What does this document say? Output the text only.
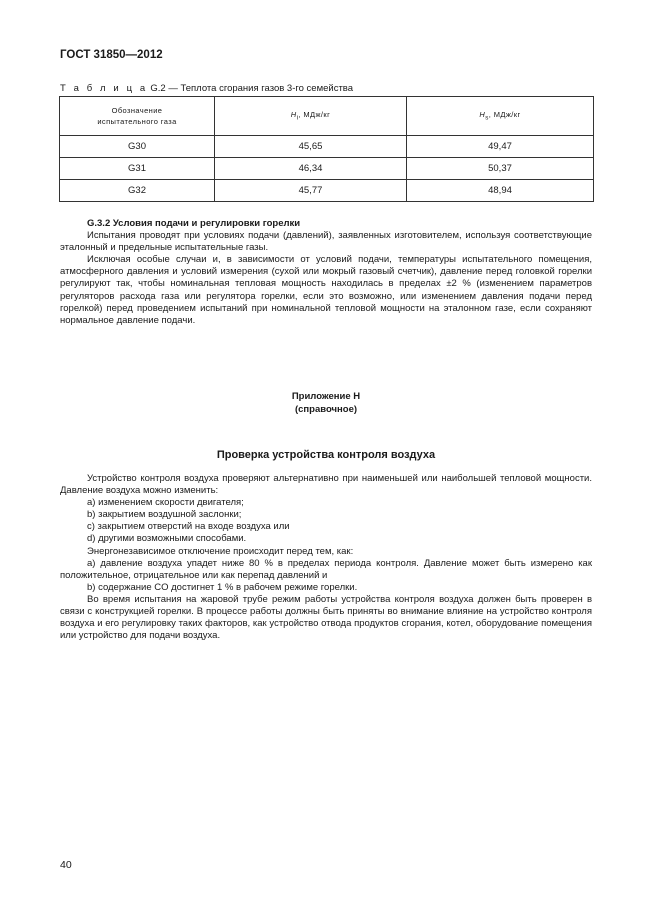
ГОСТ 31850—2012
Т а б л и ц а G.2 — Теплота сгорания газов 3-го семейства
Обозначение
испытательного газа	$H_i$, МДж/кг	$H_s$, МДж/кг
G30	45,65	49,47
G31	46,34	50,37
G32	45,77	48,94

G.3.2 Условия подачи и регулировки горелки

Испытания проводят при условиях подачи (давлений), заявленных изготовителем, используя соответствующие эталонный и предельные испытательные газы.

Исключая особые случаи и, в зависимости от условий подачи, температуры испытательного помещения, атмосферного давления и условий измерения (сухой или мокрый газовый счетчик), давление перед головкой горелки регулируют так, чтобы номинальная тепловая мощность находилась в пределах ±2 % (изменением параметров регуляторов расхода газа или регулятора горелки, если это возможно, или изменением давления подачи перед горелкой) перед проведением испытаний при номинальной тепловой мощности на эталонном газе, если сохраняют нормальное давление подачи.

Приложение Н
(справочное)
Проверка устройства контроля воздуха

Устройство контроля воздуха проверяют альтернативно при наименьшей или наибольшей тепловой мощности. Давление воздуха можно изменить:

a) изменением скорости двигателя;

b) закрытием воздушной заслонки;

c) закрытием отверстий на входе воздуха или

d) другими возможными способами.

Энергонезависимое отключение происходит перед тем, как:

а) давление воздуха упадет ниже 80 % в пределах периода контроля. Давление может быть измерено как положительное, отрицательное или как перепад давлений и

b) содержание CO достигнет 1 % в рабочем режиме горелки.

Во время испытания на жаровой трубе режим работы устройства контроля воздуха должен быть проверен в связи с конструкцией горелки. В процессе работы должны быть приняты во внимание влияние на устройство контроля воздуха и его регулировку таких факторов, как устройство отвода продуктов сгорания, котел, оборудование помещения или устройство для подачи воздуха.

40
